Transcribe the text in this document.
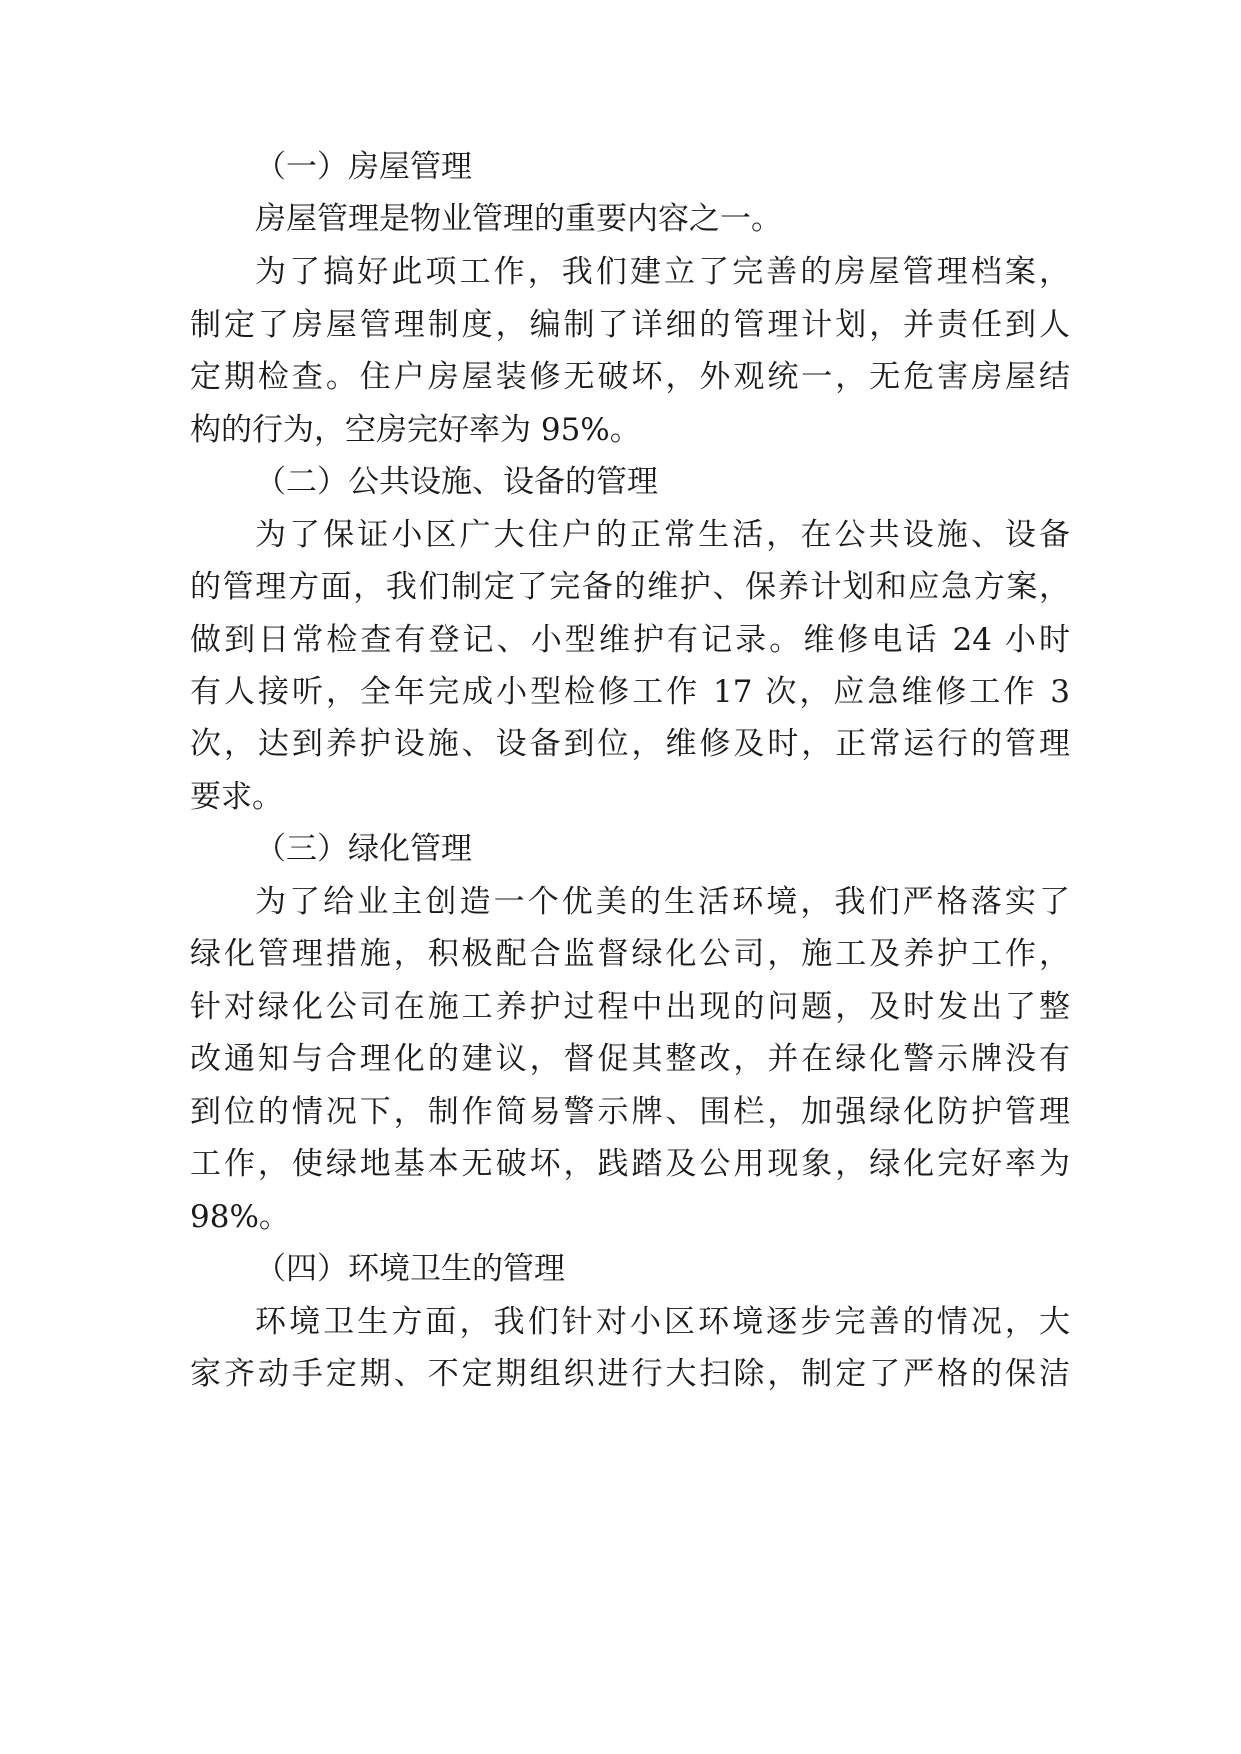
（一）房屋管理
房屋管理是物业管理的重要内容之一。
为了搞好此项工作，我们建立了完善的房屋管理档案，
制定了房屋管理制度，编制了详细的管理计划，并责任到人
定期检查。住户房屋装修无破坏，外观统一，无危害房屋结
构的行为，空房完好率为 95%。
（二）公共设施、设备的管理
为了保证小区广大住户的正常生活，在公共设施、设备
的管理方面，我们制定了完备的维护、保养计划和应急方案，
做到日常检查有登记、小型维护有记录。维修电话 24 小时
有人接听，全年完成小型检修工作 17 次，应急维修工作 3
次，达到养护设施、设备到位，维修及时，正常运行的管理
要求。
（三）绿化管理
为了给业主创造一个优美的生活环境，我们严格落实了
绿化管理措施，积极配合监督绿化公司，施工及养护工作，
针对绿化公司在施工养护过程中出现的问题，及时发出了整
改通知与合理化的建议，督促其整改，并在绿化警示牌没有
到位的情况下，制作简易警示牌、围栏，加强绿化防护管理
工作，使绿地基本无破坏，践踏及公用现象，绿化完好率为
98%。
（四）环境卫生的管理
环境卫生方面，我们针对小区环境逐步完善的情况，大
家齐动手定期、不定期组织进行大扫除，制定了严格的保洁
